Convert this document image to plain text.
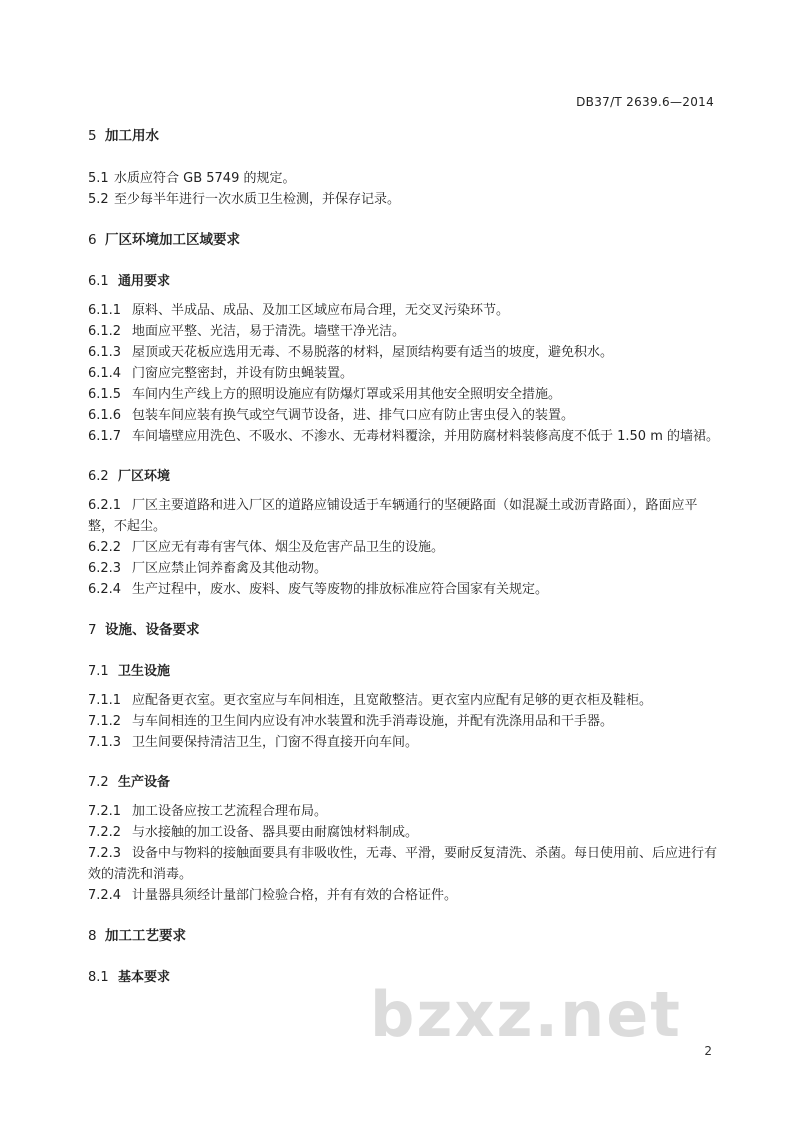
DB37/T 2639.6—2014
5 加工用水
5.1 水质应符合 GB 5749 的规定。
5.2 至少每半年进行一次水质卫生检测，并保存记录。
6 厂区环境加工区域要求
6.1 通用要求
6.1.1 原料、半成品、成品、及加工区域应布局合理，无交叉污染环节。
6.1.2 地面应平整、光洁，易于清洗。墙壁干净光洁。
6.1.3 屋顶或天花板应选用无毒、不易脱落的材料，屋顶结构要有适当的坡度，避免积水。
6.1.4 门窗应完整密封，并设有防虫蝇装置。
6.1.5 车间内生产线上方的照明设施应有防爆灯罩或采用其他安全照明安全措施。
6.1.6 包装车间应装有换气或空气调节设备，进、排气口应有防止害虫侵入的装置。
6.1.7 车间墙壁应用洗色、不吸水、不渗水、无毒材料覆涂，并用防腐材料装修高度不低于 1.50 m 的墙裙。
6.2 厂区环境
6.2.1 厂区主要道路和进入厂区的道路应铺设适于车辆通行的坚硬路面（如混凝土或沥青路面），路面应平整，不起尘。
6.2.2 厂区应无有毒有害气体、烟尘及危害产品卫生的设施。
6.2.3 厂区应禁止饲养畜禽及其他动物。
6.2.4 生产过程中，废水、废料、废气等废物的排放标准应符合国家有关规定。
7 设施、设备要求
7.1 卫生设施
7.1.1 应配备更衣室。更衣室应与车间相连，且宽敞整洁。更衣室内应配有足够的更衣柜及鞋柜。
7.1.2 与车间相连的卫生间内应设有冲水装置和洗手消毒设施，并配有洗涤用品和干手器。
7.1.3 卫生间要保持清洁卫生，门窗不得直接开向车间。
7.2 生产设备
7.2.1 加工设备应按工艺流程合理布局。
7.2.2 与水接触的加工设备、器具要由耐腐蚀材料制成。
7.2.3 设备中与物料的接触面要具有非吸收性，无毒、平滑，要耐反复清洗、杀菌。每日使用前、后应进行有效的清洗和消毒。
7.2.4 计量器具须经计量部门检验合格，并有有效的合格证件。
8 加工工艺要求
8.1 基本要求
bzxz.net 2
